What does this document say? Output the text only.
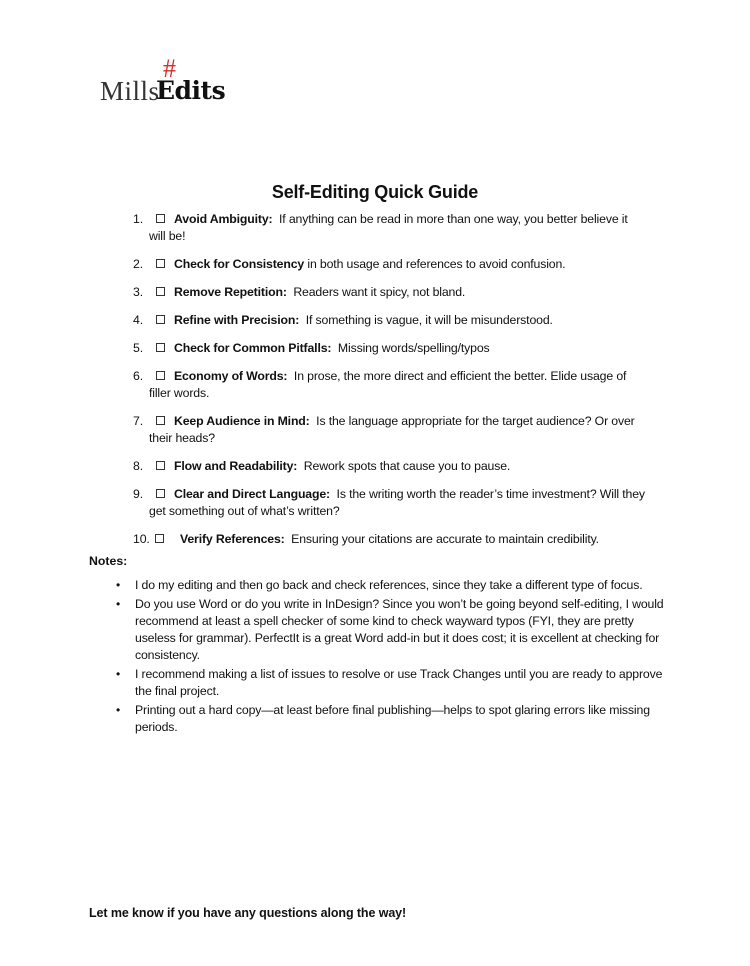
#
Mills
Edits
Self-Editing Quick Guide
1.	Avoid Ambiguity: If anything can be read in more than one way, you better believe it
will be!
2.	Check for Consistency in both usage and references to avoid confusion.
3.	Remove Repetition: Readers want it spicy, not bland.
4.	Refine with Precision: If something is vague, it will be misunderstood.
5.	Check for Common Pitfalls: Missing words/spelling/typos
6.	Economy of Words: In prose, the more direct and efficient the better. Elide usage of
filler words.
7.	Keep Audience in Mind: Is the language appropriate for the target audience? Or over
their heads?
8.	Flow and Readability: Rework spots that cause you to pause.
9.	Clear and Direct Language: Is the writing worth the reader’s time investment? Will they
get something out of what’s written?
10. Verify References: Ensuring your citations are accurate to maintain credibility.
Notes:
• I do my editing and then go back and check references, since they take a different type of focus.
• Do you use Word or do you write in InDesign? Since you won’t be going beyond self-editing, I would recommend at least a spell checker of some kind to check wayward typos (FYI, they are pretty useless for grammar). PerfectIt is a great Word add-in but it does cost; it is excellent at checking for consistency.
• I recommend making a list of issues to resolve or use Track Changes until you are ready to approve the final project.
• Printing out a hard copy—at least before final publishing—helps to spot glaring errors like missing periods.
Let me know if you have any questions along the way!
